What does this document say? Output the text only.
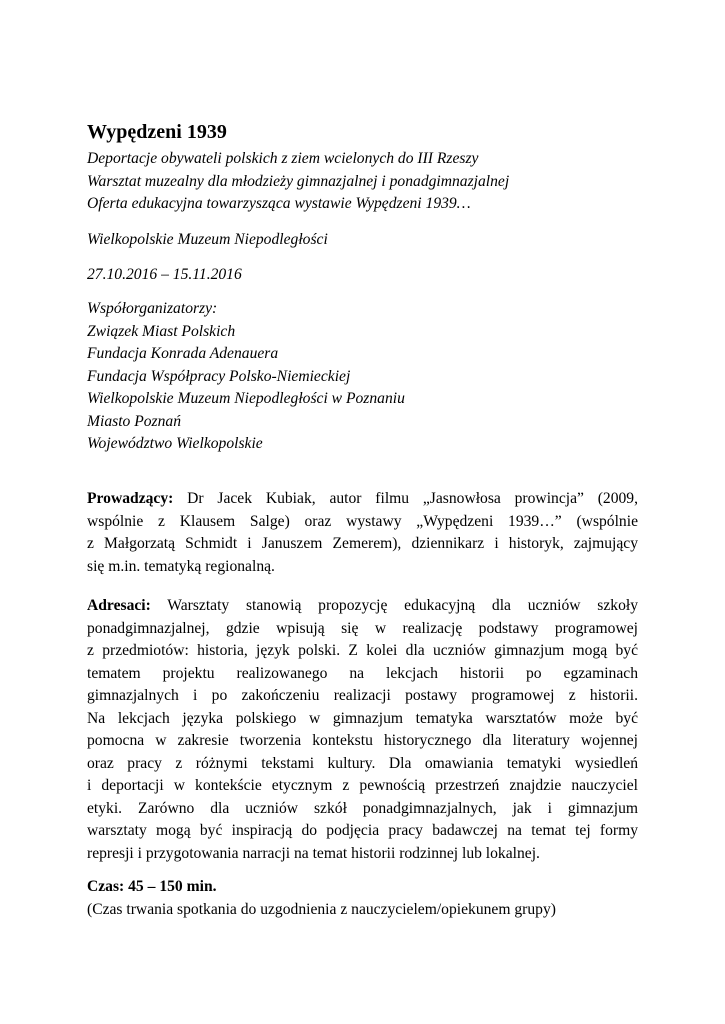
Wypędzeni 1939
Deportacje obywateli polskich z ziem wcielonych do III Rzeszy
Warsztat muzealny dla młodzieży gimnazjalnej i ponadgimnazjalnej
Oferta edukacyjna towarzysząca wystawie Wypędzeni 1939…
Wielkopolskie Muzeum Niepodległości
27.10.2016 – 15.11.2016
Współorganizatorzy:
Związek Miast Polskich
Fundacja Konrada Adenauera
Fundacja Współpracy Polsko-Niemieckiej
Wielkopolskie Muzeum Niepodległości w Poznaniu
Miasto Poznań
Województwo Wielkopolskie
Prowadzący: Dr Jacek Kubiak, autor filmu „Jasnowłosa prowincja” (2009,
wspólnie z Klausem Salge) oraz wystawy „Wypędzeni 1939…” (wspólnie
z Małgorzatą Schmidt i Januszem Zemerem), dziennikarz i historyk, zajmujący
się m.in. tematyką regionalną.
Adresaci: Warsztaty stanowią propozycję edukacyjną dla uczniów szkoły
ponadgimnazjalnej, gdzie wpisują się w realizację podstawy programowej
z przedmiotów: historia, język polski. Z kolei dla uczniów gimnazjum mogą być
tematem projektu realizowanego na lekcjach historii po egzaminach
gimnazjalnych i po zakończeniu realizacji postawy programowej z historii.
Na lekcjach języka polskiego w gimnazjum tematyka warsztatów może być
pomocna w zakresie tworzenia kontekstu historycznego dla literatury wojennej
oraz pracy z różnymi tekstami kultury. Dla omawiania tematyki wysiedleń
i deportacji w kontekście etycznym z pewnością przestrzeń znajdzie nauczyciel
etyki. Zarówno dla uczniów szkół ponadgimnazjalnych, jak i gimnazjum
warsztaty mogą być inspiracją do podjęcia pracy badawczej na temat tej formy
represji i przygotowania narracji na temat historii rodzinnej lub lokalnej.
Czas: 45 – 150 min.
(Czas trwania spotkania do uzgodnienia z nauczycielem/opiekunem grupy)
